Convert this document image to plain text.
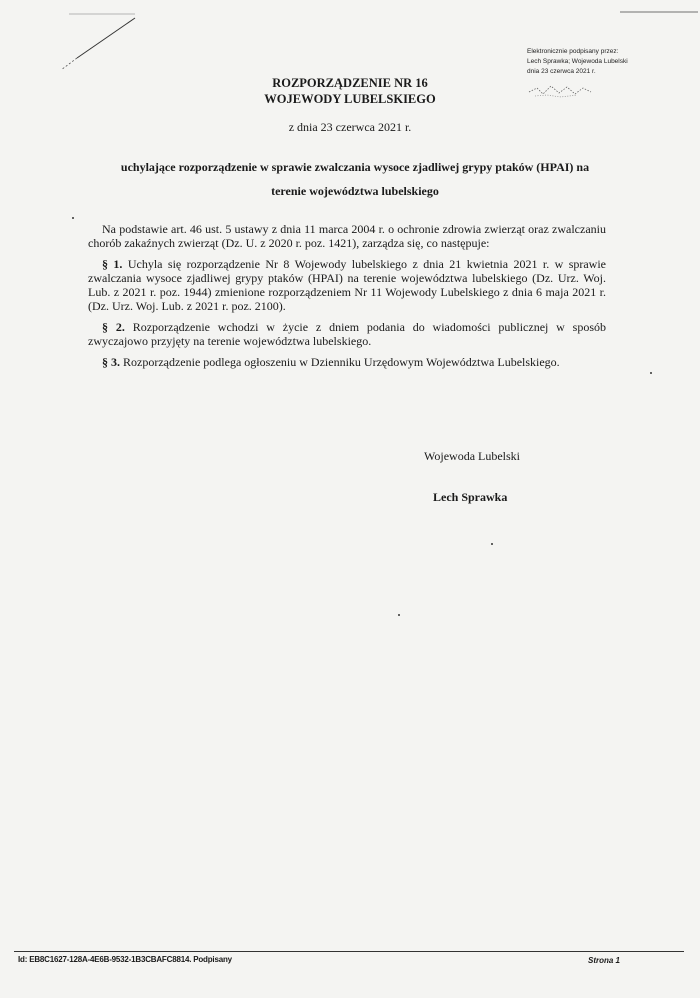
Elektronicznie podpisany przez:
Lech Sprawka; Wojewoda Lubelski
dnia 23 czerwca 2021 r.
ROZPORZĄDZENIE NR 16
WOJEWODY LUBELSKIEGO
z dnia 23 czerwca 2021 r.
uchylające rozporządzenie w sprawie zwalczania wysoce zjadliwej grypy ptaków (HPAI) na
terenie województwa lubelskiego

Na podstawie art. 46 ust. 5 ustawy z dnia 11 marca 2004 r. o ochronie zdrowia zwierząt oraz zwalczaniu chorób zakaźnych zwierząt (Dz. U. z 2020 r. poz. 1421), zarządza się, co następuje:

§ 1. Uchyla się rozporządzenie Nr 8 Wojewody lubelskiego z dnia 21 kwietnia 2021 r. w sprawie zwalczania wysoce zjadliwej grypy ptaków (HPAI) na terenie województwa lubelskiego (Dz. Urz. Woj. Lub. z 2021 r. poz. 1944) zmienione rozporządzeniem Nr 11 Wojewody Lubelskiego z dnia 6 maja 2021 r. (Dz. Urz. Woj. Lub. z 2021 r. poz. 2100).

§ 2. Rozporządzenie wchodzi w życie z dniem podania do wiadomości publicznej w sposób zwyczajowo przyjęty na terenie województwa lubelskiego.

§ 3. Rozporządzenie podlega ogłoszeniu w Dzienniku Urzędowym Województwa Lubelskiego.

Wojewoda Lubelski
Lech Sprawka
Id: EB8C1627-128A-4E6B-9532-1B3CBAFC8814. Podpisany	Strona 1
